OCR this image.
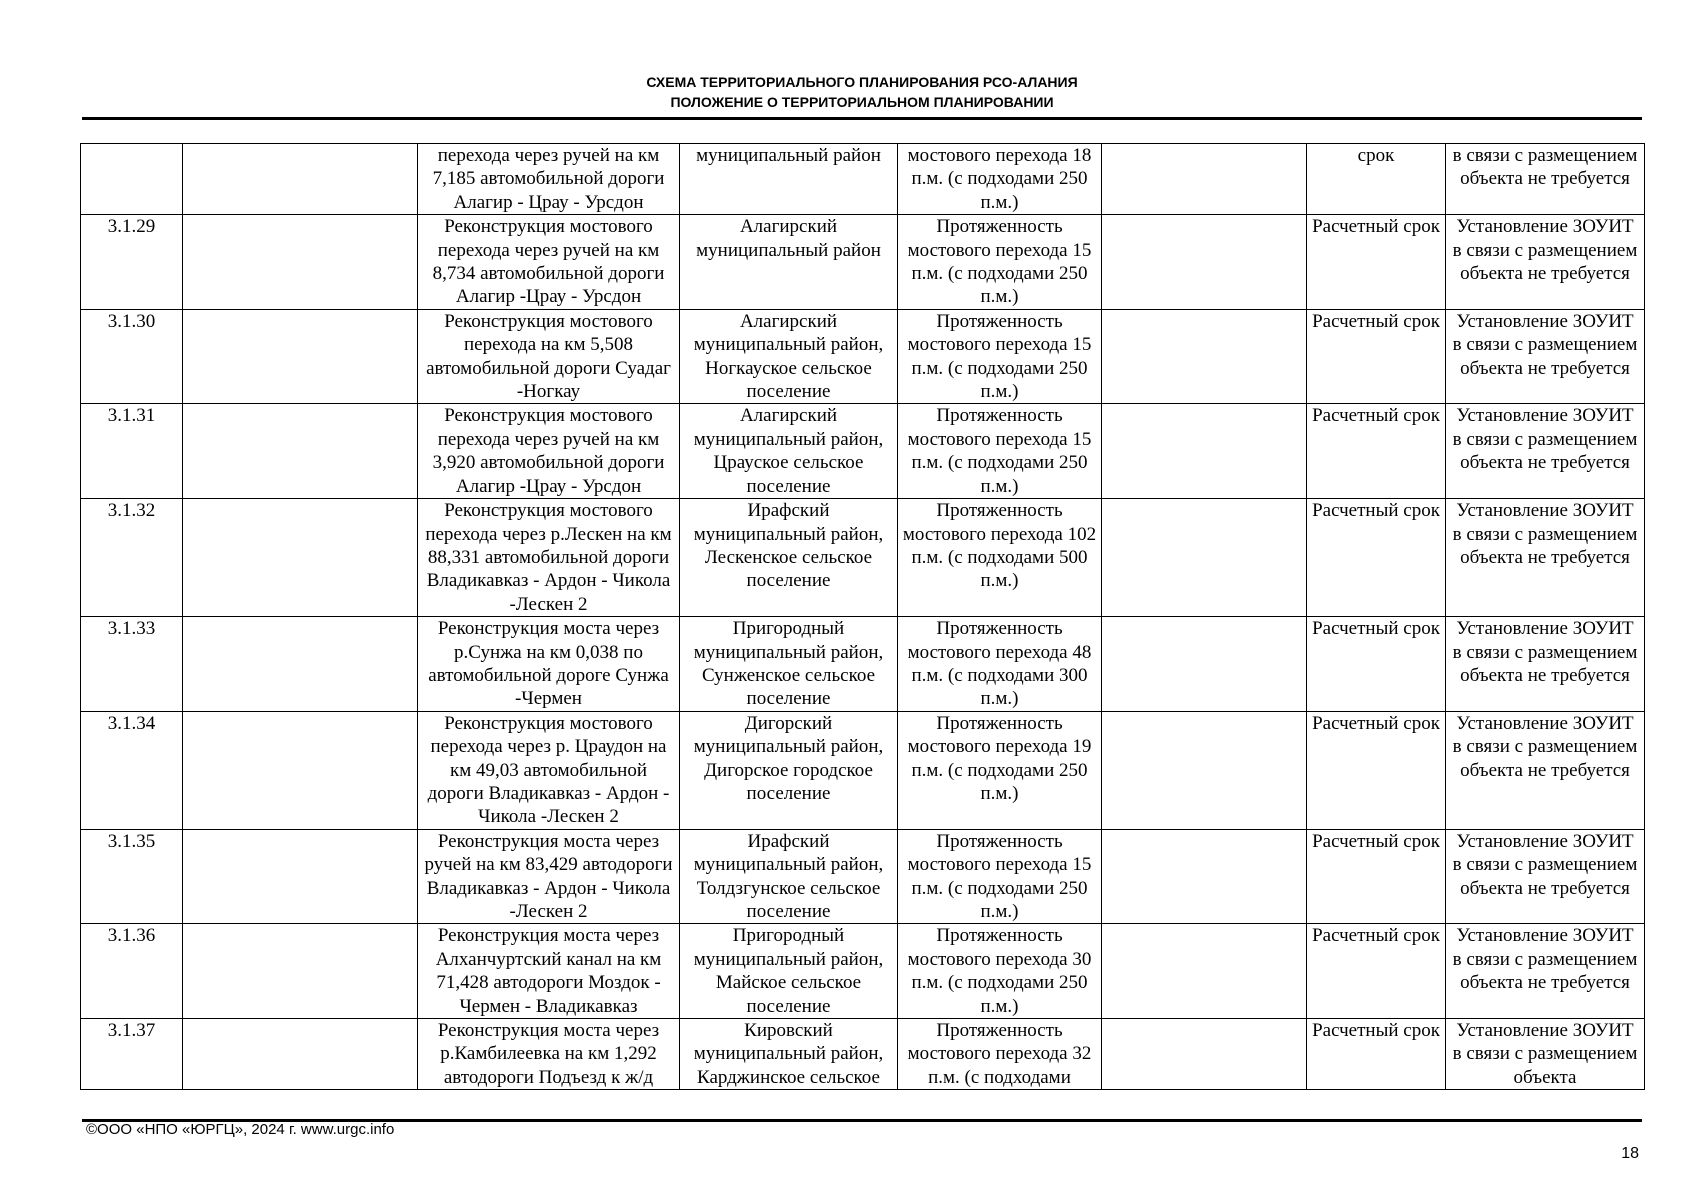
СХЕМА ТЕРРИТОРИАЛЬНОГО ПЛАНИРОВАНИЯ РСО-АЛАНИЯ
ПОЛОЖЕНИЕ О ТЕРРИТОРИАЛЬНОМ ПЛАНИРОВАНИИ
		перехода через ручей на км 7,185 автомобильной дороги Алагир - Црау - Урсдон	муниципальный район	мостового перехода 18 п.м. (с подходами 250 п.м.)		срок	в связи с размещением объекта не требуется
3.1.29		Реконструкция мостового перехода через ручей на км 8,734 автомобильной дороги Алагир -Црау - Урсдон	Алагирский муниципальный район	Протяженность мостового перехода 15 п.м. (с подходами 250 п.м.)		Расчетный срок	Установление ЗОУИТ в связи с размещением объекта не требуется
3.1.30		Реконструкция мостового перехода на км 5,508 автомобильной дороги Суадаг -Ногкау	Алагирский муниципальный район, Ногкауское сельское поселение	Протяженность мостового перехода 15 п.м. (с подходами 250 п.м.)		Расчетный срок	Установление ЗОУИТ в связи с размещением объекта не требуется
3.1.31		Реконструкция мостового перехода через ручей на км 3,920 автомобильной дороги Алагир -Црау - Урсдон	Алагирский муниципальный район, Црауское сельское поселение	Протяженность мостового перехода 15 п.м. (с подходами 250 п.м.)		Расчетный срок	Установление ЗОУИТ в связи с размещением объекта не требуется
3.1.32		Реконструкция мостового перехода через р.Лескен на км 88,331 автомобильной дороги Владикавказ - Ардон - Чикола -Лескен 2	Ирафский муниципальный район, Лескенское сельское поселение	Протяженность мостового перехода 102 п.м. (с подходами 500 п.м.)		Расчетный срок	Установление ЗОУИТ в связи с размещением объекта не требуется
3.1.33		Реконструкция моста через р.Сунжа на км 0,038 по автомобильной дороге Сунжа -Чермен	Пригородный муниципальный район, Сунженское сельское поселение	Протяженность мостового перехода 48 п.м. (с подходами 300 п.м.)		Расчетный срок	Установление ЗОУИТ в связи с размещением объекта не требуется
3.1.34		Реконструкция мостового перехода через р. Цраудон на км 49,03 автомобильной дороги Владикавказ - Ардон - Чикола -Лескен 2	Дигорский муниципальный район, Дигорское городское поселение	Протяженность мостового перехода 19 п.м. (с подходами 250 п.м.)		Расчетный срок	Установление ЗОУИТ в связи с размещением объекта не требуется
3.1.35		Реконструкция моста через ручей на км 83,429 автодороги Владикавказ - Ардон - Чикола -Лескен 2	Ирафский муниципальный район, Толдзгунское сельское поселение	Протяженность мостового перехода 15 п.м. (с подходами 250 п.м.)		Расчетный срок	Установление ЗОУИТ в связи с размещением объекта не требуется
3.1.36		Реконструкция моста через Алханчуртский канал на км 71,428 автодороги Моздок - Чермен - Владикавказ	Пригородный муниципальный район, Майское сельское поселение	Протяженность мостового перехода 30 п.м. (с подходами 250 п.м.)		Расчетный срок	Установление ЗОУИТ в связи с размещением объекта не требуется
3.1.37		Реконструкция моста через р.Камбилеевка на км 1,292 автодороги Подъезд к ж/д	Кировский муниципальный район, Карджинское сельское	Протяженность мостового перехода 32 п.м. (с подходами		Расчетный срок	Установление ЗОУИТ в связи с размещением объекта
©ООО «НПО «ЮРГЦ», 2024 г. www.urgc.info
18
